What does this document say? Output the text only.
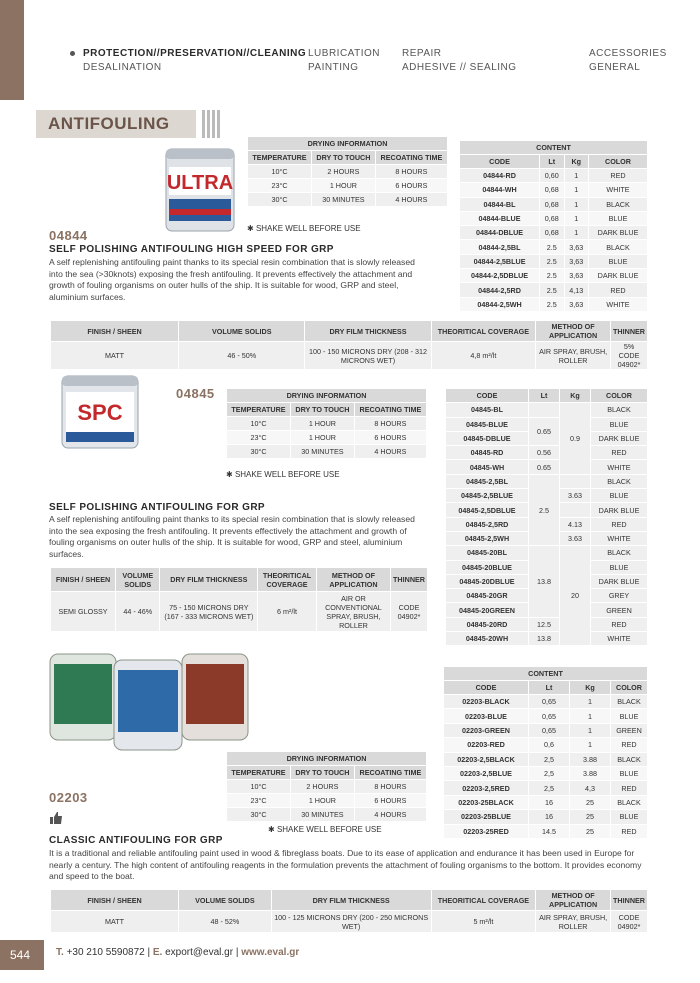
PROTECTION//PRESERVATION//CLEANING
DESALINATION
LUBRICATION
PAINTING
REPAIR
ADHESIVE // SEALING
ACCESSORIES
GENERAL
ANTIFOULING
ULTRA
DRYING INFORMATION		
TEMPERATURE	DRY TO TOUCH	RECOATING TIME
10°C	2 HOURS	8 HOURS
23°C	1 HOUR	6 HOURS
30°C	30 MINUTES	4 HOURS
✱ SHAKE WELL BEFORE USE
CONTENT			
CODE	Lt	Kg	COLOR
04844-RD	0,60	1	RED
04844-WH	0,68	1	WHITE
04844-BL	0,68	1	BLACK
04844-BLUE	0,68	1	BLUE
04844-DBLUE	0,68	1	DARK BLUE
04844-2,5BL	2.5	3,63	BLACK
04844-2,5BLUE	2.5	3,63	BLUE
04844-2,5DBLUE	2.5	3,63	DARK BLUE
04844-2,5RD	2.5	4,13	RED
04844-2,5WH	2.5	3,63	WHITE
04844
SELF POLISHING ANTIFOULING HIGH SPEED FOR GRP
A self replenishing antifouling paint thanks to its special resin combination that is slowly released into the sea (>30knots) exposing the fresh antifouling. It prevents effectively the attachment and growth of fouling organisms on outer hulls of the ship. It is suitable for wood, GRP and steel, aluminium surfaces.
FINISH / SHEEN	VOLUME SOLIDS	DRY FILM THICKNESS	THEORITICAL COVERAGE	METHOD OF APPLICATION	THINNER
MATT	46 - 50%	100 - 150 MICRONS DRY (208 - 312 MICRONS WET)	4,8 m²/lt	AIR SPRAY, BRUSH, ROLLER	5% CODE 04902*
SPC
04845	DRYING INFORMATION		
TEMPERATURE	DRY TO TOUCH	RECOATING TIME
10°C	1 HOUR	8 HOURS
23°C	1 HOUR	6 HOURS
30°C	30 MINUTES	4 HOURS
✱ SHAKE WELL BEFORE USE
CODE	Lt	Kg	COLOR
04845-BL		0.9	BLACK
04845-BLUE	0.65		BLUE
04845-DBLUE			DARK BLUE
04845-RD	0.56		RED
04845-WH	0.65		WHITE
04845-2,5BL	2.5		BLACK
04845-2,5BLUE		3.63	BLUE
04845-2,5DBLUE			DARK BLUE
04845-2,5RD		4.13	RED
04845-2,5WH		3.63	WHITE
04845-20BL	13.8	20	BLACK
04845-20BLUE			BLUE
04845-20DBLUE			DARK BLUE
04845-20GR			GREY
04845-20GREEN			GREEN
04845-20RD	12.5		RED
04845-20WH	13.8		WHITE
SELF POLISHING ANTIFOULING FOR GRP
A self replenishing antifouling paint thanks to its special resin combination that is slowly released into the sea exposing the fresh antifouling. It prevents effectively the attachment and growth of fouling organisms on outer hulls of the ship. It is suitable for wood, GRP and steel, aluminium surfaces.
FINISH / SHEEN	VOLUME SOLIDS	DRY FILM THICKNESS	THEORITICAL COVERAGE	METHOD OF APPLICATION	THINNER
SEMI GLOSSY	44 - 46%	75 - 150 MICRONS DRY (167 - 333 MICRONS WET)	6 m²/lt	AIR OR CONVENTIONAL SPRAY, BRUSH, ROLLER	CODE 04902*
CONTENT			
CODE	Lt	Kg	COLOR
02203-BLACK	0,65	1	BLACK
02203-BLUE	0,65	1	BLUE
02203-GREEN	0,65	1	GREEN
02203-RED	0,6	1	RED
02203-2,5BLACK	2,5	3.88	BLACK
02203-2,5BLUE	2,5	3.88	BLUE
02203-2,5RED	2,5	4,3	RED
02203-25BLACK	16	25	BLACK
02203-25BLUE	16	25	BLUE
02203-25RED	14.5	25	RED
DRYING INFORMATION		
TEMPERATURE	DRY TO TOUCH	RECOATING TIME
10°C	2 HOURS	8 HOURS
23°C	1 HOUR	6 HOURS
30°C	30 MINUTES	4 HOURS
✱ SHAKE WELL BEFORE USE
02203
CLASSIC ANTIFOULING FOR GRP
It is a traditional and reliable antifouling paint used in wood & fibreglass boats. Due to its ease of application and endurance it has been used in Europe for nearly a century. The high content of antifouling reagents in the formulation prevents the attachment of fouling organisms to the bottom. It provides economy and speed to the boat.
FINISH / SHEEN	VOLUME SOLIDS	DRY FILM THICKNESS	THEORITICAL COVERAGE	METHOD OF APPLICATION	THINNER
MATT	48 - 52%	100 - 125 MICRONS DRY (200 - 250 MICRONS WET)	5 m²/lt	AIR SPRAY, BRUSH, ROLLER	CODE 04902*
544	T. +30 210 5590872 | E. export@eval.gr | www.eval.gr
